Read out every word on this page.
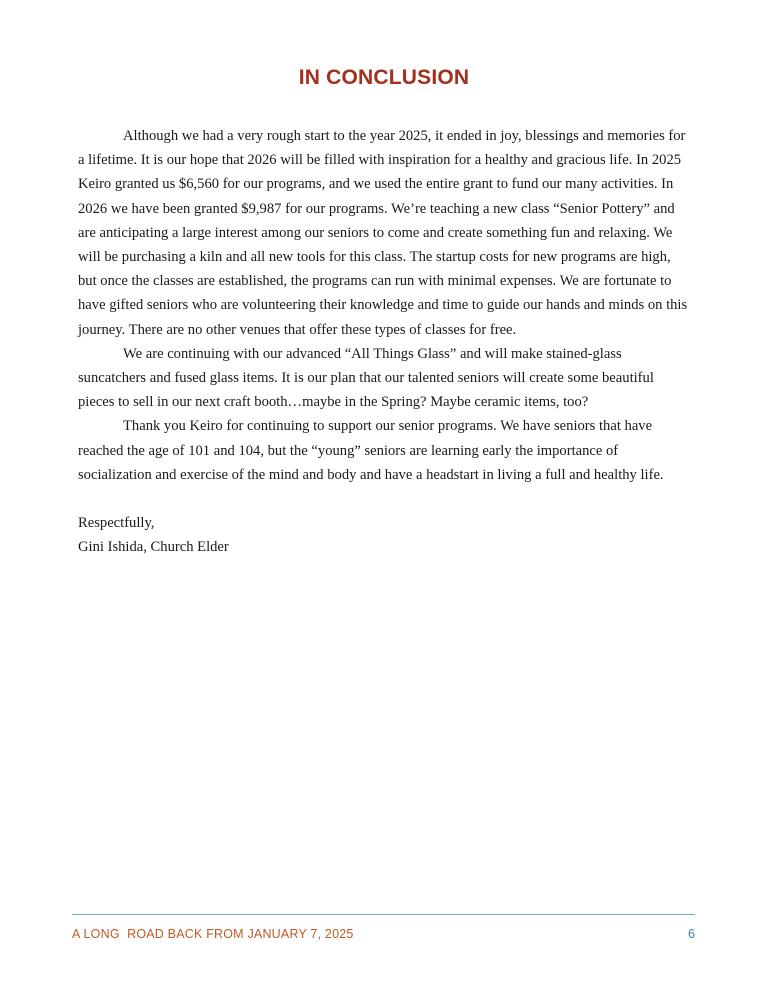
IN CONCLUSION

Although we had a very rough start to the year 2025, it ended in joy, blessings and memories for a lifetime. It is our hope that 2026 will be filled with inspiration for a healthy and gracious life. In 2025 Keiro granted us $6,560 for our programs, and we used the entire grant to fund our many activities. In 2026 we have been granted $9,987 for our programs. We’re teaching a new class “Senior Pottery” and are anticipating a large interest among our seniors to come and create something fun and relaxing. We will be purchasing a kiln and all new tools for this class. The startup costs for new programs are high, but once the classes are established, the programs can run with minimal expenses. We are fortunate to have gifted seniors who are volunteering their knowledge and time to guide our hands and minds on this journey. There are no other venues that offer these types of classes for free.

We are continuing with our advanced “All Things Glass” and will make stained-glass suncatchers and fused glass items. It is our plan that our talented seniors will create some beautiful pieces to sell in our next craft booth…maybe in the Spring? Maybe ceramic items, too?

Thank you Keiro for continuing to support our senior programs. We have seniors that have reached the age of 101 and 104, but the “young” seniors are learning early the importance of socialization and exercise of the mind and body and have a headstart in living a full and healthy life.

Respectfully,
Gini Ishida, Church Elder
A LONG  ROAD BACK FROM JANUARY 7, 2025	6
